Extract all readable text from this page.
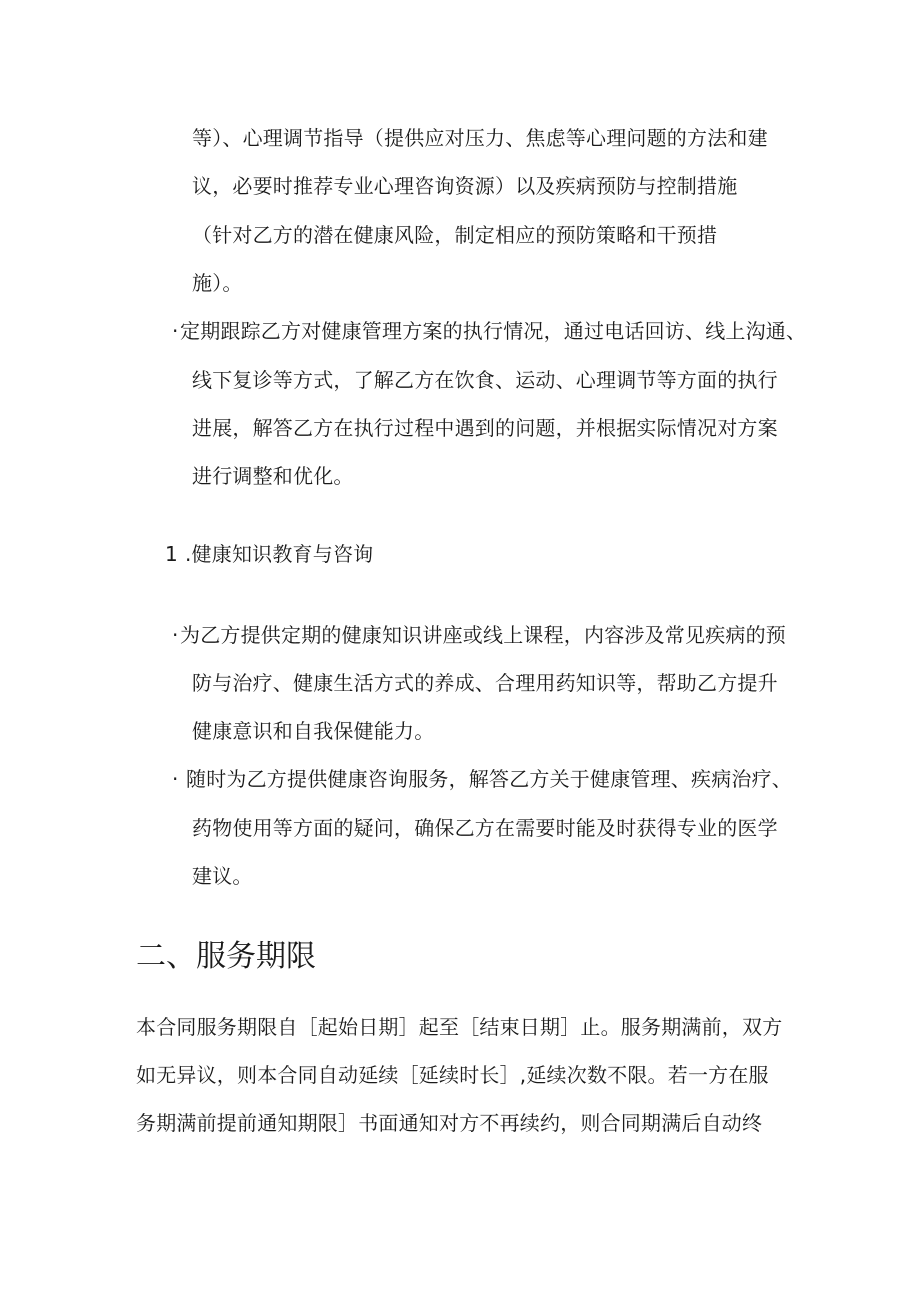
等）、心理调节指导（提供应对压力、焦虑等心理问题的方法和建
议，必要时推荐专业心理咨询资源）以及疾病预防与控制措施
（针对乙方的潜在健康风险，制定相应的预防策略和干预措
施）。
· 定期跟踪乙方对健康管理方案的执行情况，通过电话回访、线上沟通、
线下复诊等方式，了解乙方在饮食、运动、心理调节等方面的执行
进展，解答乙方在执行过程中遇到的问题，并根据实际情况对方案
进行调整和优化。
1 .健康知识教育与咨询
· 为乙方提供定期的健康知识讲座或线上课程，内容涉及常见疾病的预
防与治疗、健康生活方式的养成、合理用药知识等，帮助乙方提升
健康意识和自我保健能力。
· 随时为乙方提供健康咨询服务，解答乙方关于健康管理、疾病治疗、
药物使用等方面的疑问，确保乙方在需要时能及时获得专业的医学
建议。
二、服务期限
本合同服务期限自［起始日期］起至［结束日期］止。服务期满前，双方
如无异议，则本合同自动延续［延续时长］,延续次数不限。若一方在服
务期满前提前通知期限］书面通知对方不再续约，则合同期满后自动终
